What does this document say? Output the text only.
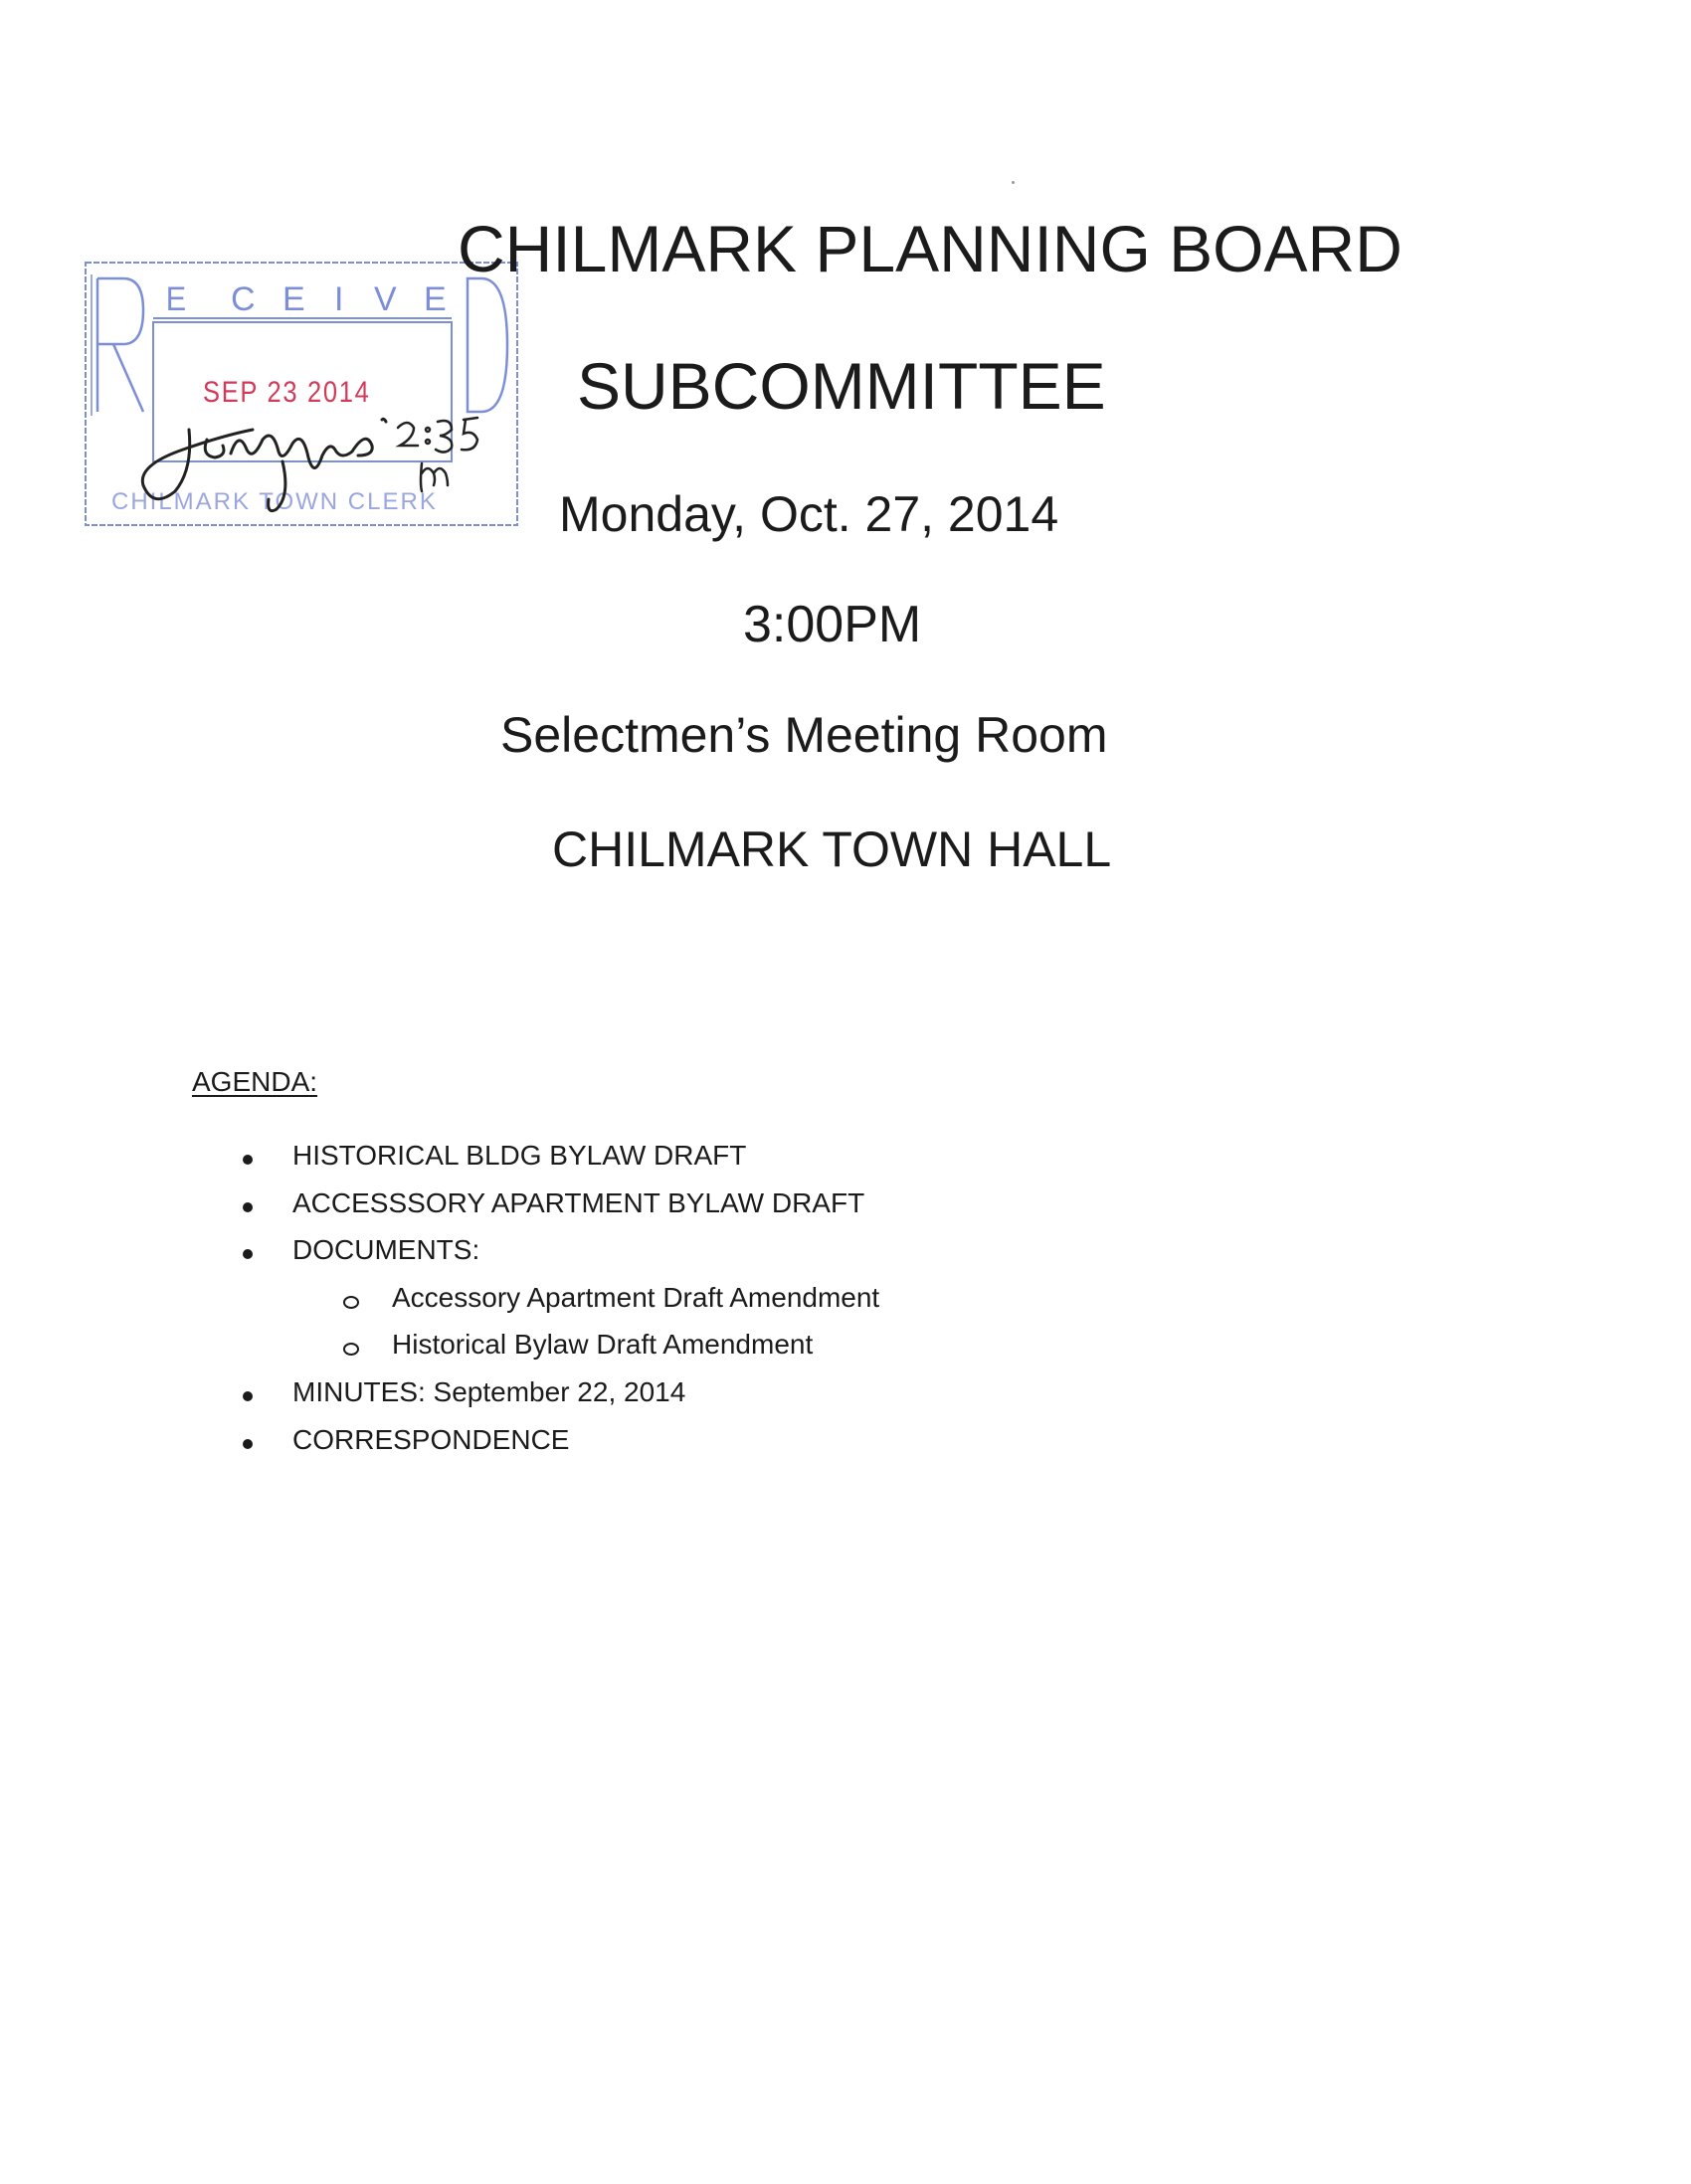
E C E I V E
CHILMARK TOWN CLERK
SEP 23 2014
CHILMARK PLANNING BOARD
SUBCOMMITTEE
Monday, Oct. 27, 2014
3:00PM
Selectmen’s Meeting Room
CHILMARK TOWN HALL
AGENDA:
HISTORICAL BLDG BYLAW DRAFT
ACCESSSORY APARTMENT BYLAW DRAFT
DOCUMENTS:
Accessory Apartment Draft Amendment
Historical Bylaw Draft Amendment
MINUTES: September 22, 2014
CORRESPONDENCE
